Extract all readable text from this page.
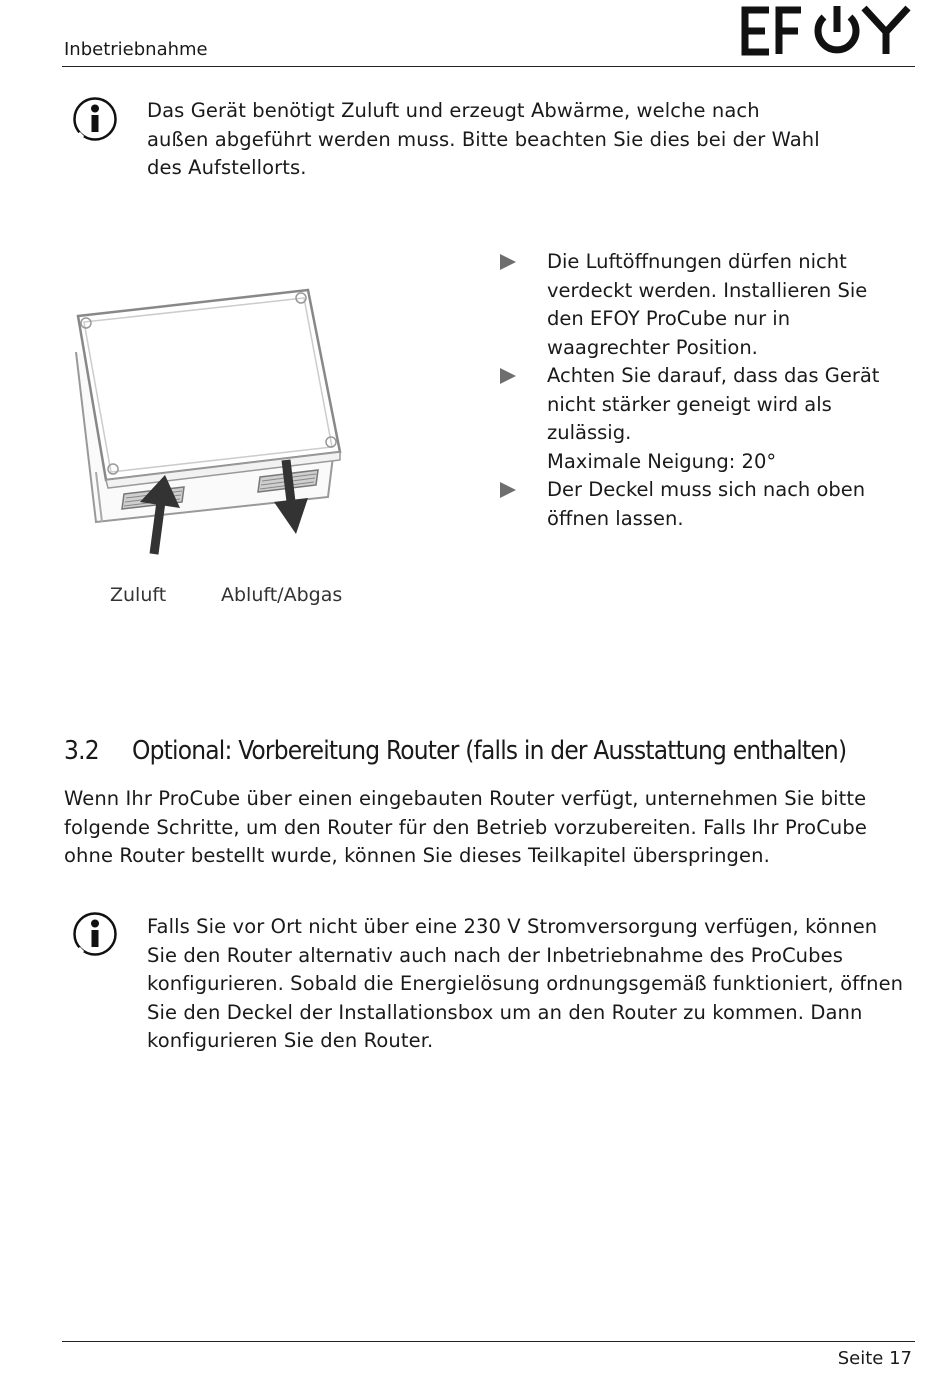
Inbetriebnahme
Das Gerät benötigt Zuluft und erzeugt Abwärme, welche nach außen abgeführt werden muss. Bitte beachten Sie dies bei der Wahl des Aufstellorts.
Zuluft	Abluft/Abgas
Die Luftöffnungen dürfen nicht verdeckt werden. Installieren Sie den EFOY ProCube nur in waagrechter Position.
Achten Sie darauf, dass das Gerät nicht stärker geneigt wird als zulässig.
Maximale Neigung: 20°
Der Deckel muss sich nach oben öffnen lassen.
3.2 Optional: Vorbereitung Router (falls in der Ausstattung enthalten)
Wenn Ihr ProCube über einen eingebauten Router verfügt, unternehmen Sie bitte folgende Schritte, um den Router für den Betrieb vorzubereiten. Falls Ihr ProCube ohne Router bestellt wurde, können Sie dieses Teilkapitel überspringen.
Falls Sie vor Ort nicht über eine 230 V Stromversorgung verfügen, können Sie den Router alternativ auch nach der Inbetriebnahme des ProCubes konfigurieren. Sobald die Energielösung ordnungsgemäß funktioniert, öffnen Sie den Deckel der Installationsbox um an den Router zu kommen. Dann konfigurieren Sie den Router.
Seite 17
